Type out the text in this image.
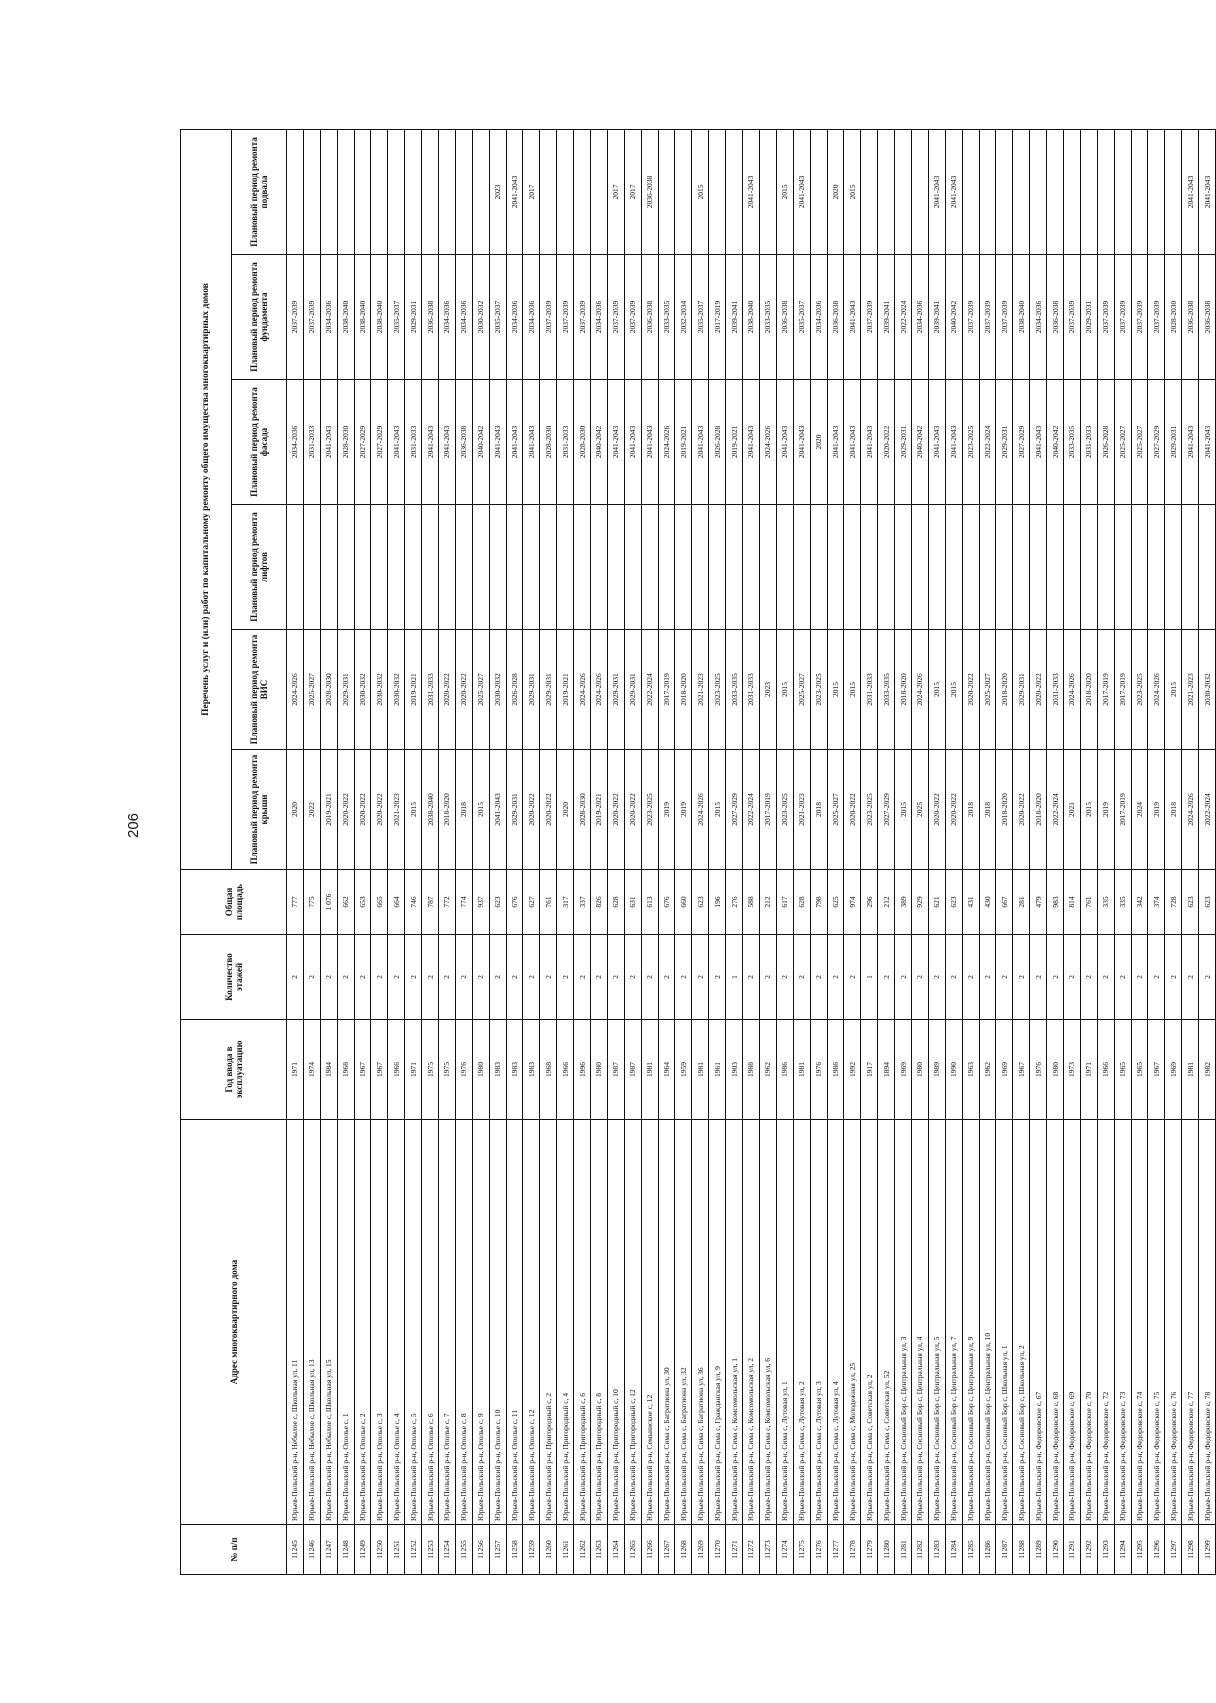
206
№ п/п	Адрес многоквартирного дома	Год ввода в эксплуатацию	Количество этажей	Общая площадь	Перечень услуг и (или) работ по капитальному ремонту общего имущества многоквартирных домов					
					Плановый период ремонта крыши	Плановый период ремонта ВИС	Плановый период ремонта лифтов	Плановый период ремонта фасада	Плановый период ремонта фундамента	Плановый период ремонта подвала
11245	Юрьев-Польский р-н, Небылое с, Школьная ул, 11	1971	2	777	2020	2024-2026		2034-2036	2037-2039	
11246	Юрьев-Польский р-н, Небылое с, Школьная ул, 13	1974	2	775	2022	2025-2027		2031-2033	2037-2039	
11247	Юрьев-Польский р-н, Небылое с, Школьная ул, 15	1984	2	1 076	2019-2021	2028-2030		2041-2043	2034-2036	
11248	Юрьев-Польский р-н, Ополье с, 1	1968	2	662	2020-2022	2029-2031		2028-2030	2038-2040	
11249	Юрьев-Польский р-н, Ополье с, 2	1967	2	653	2020-2022	2030-2032		2027-2029	2038-2040	
11250	Юрьев-Польский р-н, Ополье с, 3	1967	2	665	2020-2022	2030-2032		2027-2029	2038-2040	
11251	Юрьев-Польский р-н, Ополье с, 4	1966	2	664	2021-2023	2030-2032		2041-2043	2035-2037	
11252	Юрьев-Польский р-н, Ополье с, 5	1971	2	746	2015	2019-2021		2031-2033	2029-2031	
11253	Юрьев-Польский р-н, Ополье с, 6	1975	2	787	2038-2040	2031-2033		2041-2043	2036-2038	
11254	Юрьев-Польский р-н, Ополье с, 7	1975	2	772	2018-2020	2020-2022		2041-2043	2034-2036	
11255	Юрьев-Польский р-н, Ополье с, 8	1976	2	774	2018	2020-2022		2036-2038	2034-2036	
11256	Юрьев-Польский р-н, Ополье с, 9	1980	2	937	2015	2025-2027		2040-2042	2030-2032	
11257	Юрьев-Польский р-н, Ополье с, 10	1983	2	623	2041-2043	2030-2032		2041-2043	2035-2037	2023
11258	Юрьев-Польский р-н, Ополье с, 11	1983	2	676	2029-2031	2026-2028		2041-2043	2034-2036	2041-2043
11259	Юрьев-Польский р-н, Ополье с, 12	1983	2	627	2020-2022	2029-2031		2041-2043	2034-2036	2017
11260	Юрьев-Польский р-н, Пригородный с, 2	1968	2	761	2020-2022	2029-2031		2028-2030	2037-2039	
11261	Юрьев-Польский р-н, Пригородный с, 4	1966	2	317	2020	2019-2021		2031-2033	2037-2039	
11262	Юрьев-Польский р-н, Пригородный с, 6	1996	2	337	2028-2030	2024-2026		2028-2030	2037-2039	
11263	Юрьев-Польский р-н, Пригородный с, 8	1980	2	826	2019-2021	2024-2026		2040-2042	2034-2036	
11264	Юрьев-Польский р-н, Пригородный с, 10	1987	2	628	2020-2022	2029-2031		2041-2043	2037-2039	2017
11265	Юрьев-Польский р-н, Пригородный с, 12	1987	2	631	2020-2022	2029-2031		2041-2043	2037-2039	2017
11266	Юрьев-Польский р-н, Семьинское с, 12	1981	2	613	2023-2025	2022-2024		2041-2043	2036-2038	2036-2038
11267	Юрьев-Польский р-н, Сима с, Багратиона ул, 30	1964	2	676	2019	2017-2019		2024-2026	2033-2035	
11268	Юрьев-Польский р-н, Сима с, Багратиона ул, 32	1959	2	660	2019	2018-2020		2019-2021	2032-2034	
11269	Юрьев-Польский р-н, Сима с, Багратиона ул, 36	1981	2	623	2024-2026	2021-2023		2041-2043	2035-2037	2015
11270	Юрьев-Польский р-н, Сима с, Гражданская ул, 9	1961	2	196	2015	2023-2025		2026-2028	2017-2019	
11271	Юрьев-Польский р-н, Сима с, Комсомольская ул, 1	1903	1	276	2027-2029	2033-2035		2019-2021	2039-2041	
11272	Юрьев-Польский р-н, Сима с, Комсомольская ул, 2	1988	2	588	2022-2024	2031-2033		2041-2043	2038-2040	2041-2043
11273	Юрьев-Польский р-н, Сима с, Комсомольская ул, 6	1962	2	212	2017-2019	2023		2024-2026	2033-2035	
11274	Юрьев-Польский р-н, Сима с, Лутовая ул, 1	1986	2	617	2023-2025	2015		2041-2043	2036-2038	2015
11275	Юрьев-Польский р-н, Сима с, Лутовая ул, 2	1981	2	628	2021-2023	2025-2027		2041-2043	2035-2037	2041-2043
11276	Юрьев-Польский р-н, Сима с, Лутовая ул, 3	1976	2	798	2018	2023-2025		2020	2034-2036	
11277	Юрьев-Польский р-н, Сима с, Лутовая ул, 4	1986	2	625	2025-2027	2015		2041-2043	2036-2038	2020
11278	Юрьев-Польский р-н, Сима с, Молодежная ул, 25	1992	2	974	2020-2022	2015		2041-2043	2041-2043	2015
11279	Юрьев-Польский р-н, Сима с, Советская ул, 2	1917	1	296	2023-2025	2031-2033		2041-2043	2037-2039	
11280	Юрьев-Польский р-н, Сима с, Советская ул, 52	1894	2	212	2027-2029	2033-2035		2020-2022	2039-2041	
11281	Юрьев-Польский р-н, Сосновый Бор с, Центральная ул, 3	1969	2	389	2015	2018-2020		2029-2031	2022-2024	
11282	Юрьев-Польский р-н, Сосновый Бор с, Центральная ул, 4	1980	2	929	2025	2024-2026		2040-2042	2034-2036	
11283	Юрьев-Польский р-н, Сосновый Бор с, Центральная ул, 5	1989	2	621	2020-2022	2015		2041-2043	2039-2041	2041-2043
11284	Юрьев-Польский р-н, Сосновый Бор с, Центральная ул, 7	1990	2	623	2020-2022	2015		2041-2043	2040-2042	2041-2043
11285	Юрьев-Польский р-н, Сосновый Бор с, Центральная ул, 9	1963	2	431	2018	2020-2022		2023-2025	2037-2039	
11286	Юрьев-Польский р-н, Сосновый Бор с, Центральная ул, 10	1962	2	430	2018	2025-2027		2022-2024	2037-2039	
11287	Юрьев-Польский р-н, Сосновый Бор с, Школьная ул, 1	1969	2	667	2018-2020	2018-2020		2029-2031	2037-2039	
11288	Юрьев-Польский р-н, Сосновый Бор с, Школьная ул, 2	1967	2	281	2020-2022	2029-2031		2027-2029	2038-2040	
11289	Юрьев-Польский р-н, Федоровское с, 67	1976	2	479	2018-2020	2020-2022		2041-2043	2034-2036	
11290	Юрьев-Польский р-н, Федоровское с, 68	1980	2	983	2022-2024	2031-2033		2040-2042	2036-2038	
11291	Юрьев-Польский р-н, Федоровское с, 69	1973	2	814	2021	2024-2026		2033-2035	2037-2039	
11292	Юрьев-Польский р-н, Федоровское с, 70	1971	2	761	2015	2018-2020		2031-2033	2029-2031	
11293	Юрьев-Польский р-н, Федоровское с, 72	1966	2	335	2019	2017-2019		2026-2028	2037-2039	
11294	Юрьев-Польский р-н, Федоровское с, 73	1965	2	335	2017-2019	2017-2019		2025-2027	2037-2039	
11295	Юрьев-Польский р-н, Федоровское с, 74	1965	2	342	2024	2023-2025		2025-2027	2037-2039	
11296	Юрьев-Польский р-н, Федоровское с, 75	1967	2	374	2019	2024-2026		2027-2029	2037-2039	
11297	Юрьев-Польский р-н, Федоровское с, 76	1969	2	728	2018	2015		2029-2031	2028-2030	
11298	Юрьев-Польский р-н, Федоровское с, 77	1981	2	623	2024-2026	2021-2023		2041-2043	2036-2038	2041-2043
11299	Юрьев-Польский р-н, Федоровское с, 78	1982	2	623	2022-2024	2030-2032		2041-2043	2036-2038	2041-2043
